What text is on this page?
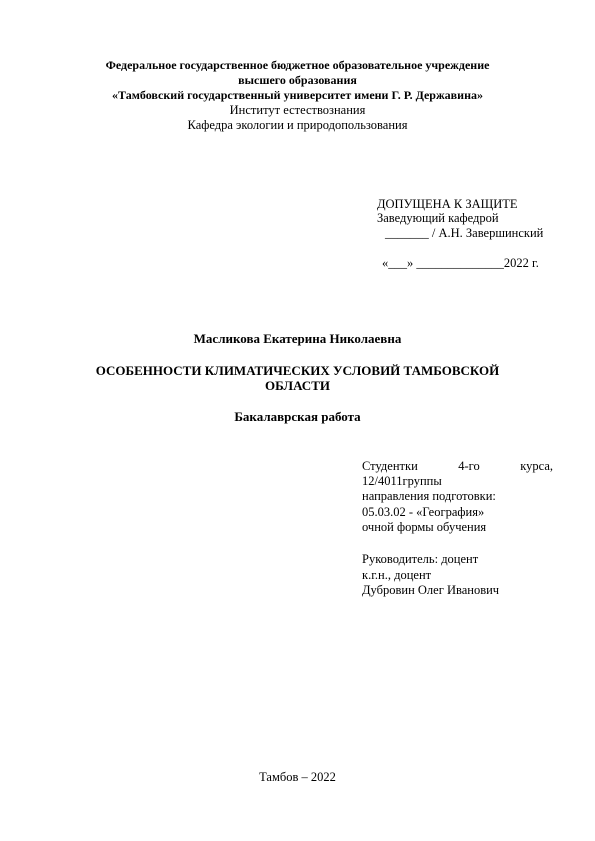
Федеральное государственное бюджетное образовательное учреждение
высшего образования
«Тамбовский государственный университет имени Г. Р. Державина»
Институт естествознания
Кафедра экологии и природопользования
ДОПУЩЕНА К ЗАЩИТЕ
Заведующий кафедрой
_______ / А.Н. Завершинский
«___» ______________2022 г.
Масликова Екатерина Николаевна
ОСОБЕННОСТИ КЛИМАТИЧЕСКИХ УСЛОВИЙ ТАМБОВСКОЙ
ОБЛАСТИ
Бакалаврская работа
Студентки	4-го	курса,
12/4011группы
направления подготовки:
05.03.02 - «География»
очной формы обучения
Руководитель: доцент
к.г.н., доцент
Дубровин Олег Иванович
Тамбов – 2022
